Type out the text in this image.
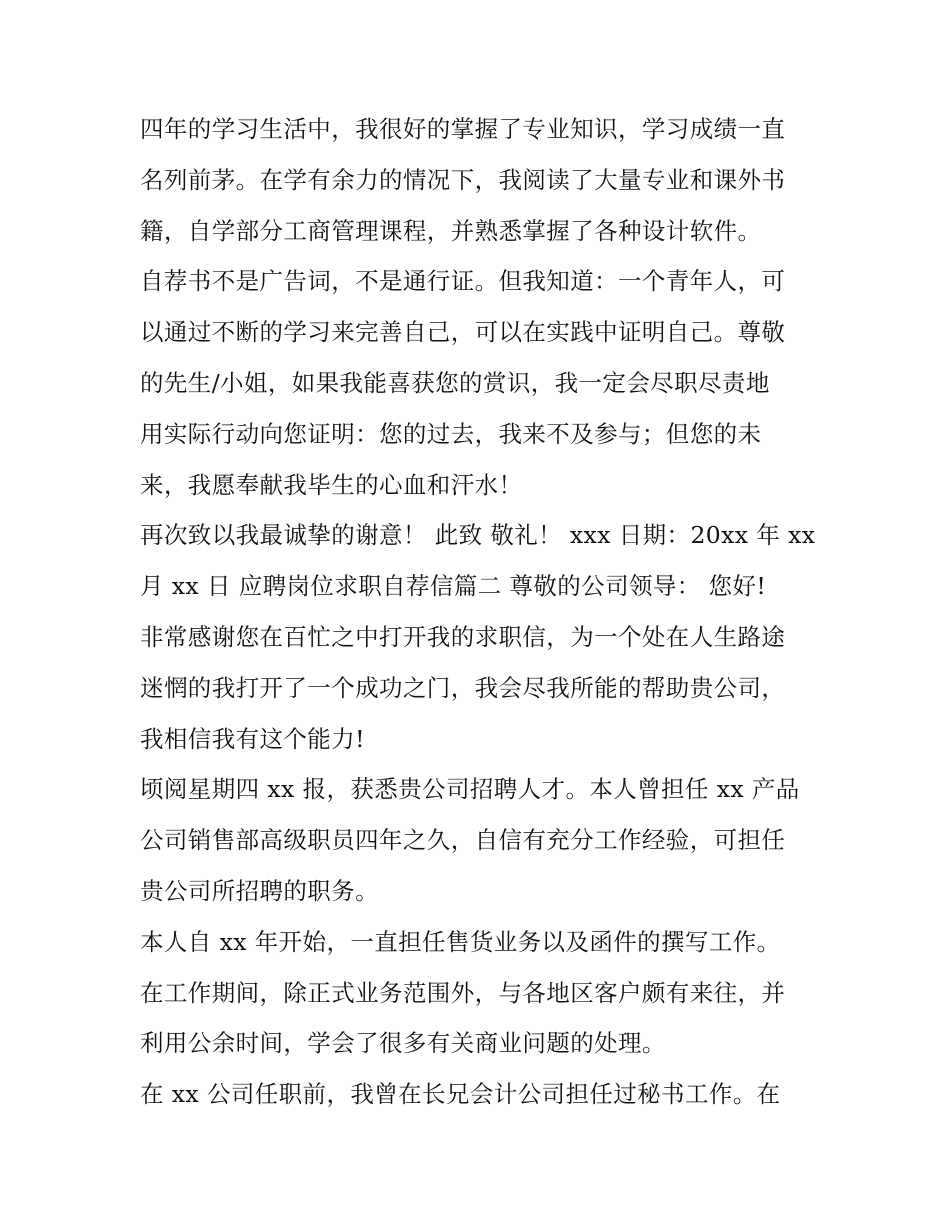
四年的学习生活中，我很好的掌握了专业知识，学习成绩一直
名列前茅。在学有余力的情况下，我阅读了大量专业和课外书
籍，自学部分工商管理课程，并熟悉掌握了各种设计软件。
自荐书不是广告词，不是通行证。但我知道：一个青年人，可
以通过不断的学习来完善自己，可以在实践中证明自己。尊敬
的先生/小姐，如果我能喜获您的赏识，我一定会尽职尽责地
用实际行动向您证明：您的过去，我来不及参与；但您的未
来，我愿奉献我毕生的心血和汗水！
再次致以我最诚挚的谢意！ 此致 敬礼！ xxx 日期：20xx 年 xx
月 xx 日 应聘岗位求职自荐信篇二 尊敬的公司领导： 您好!
非常感谢您在百忙之中打开我的求职信，为一个处在人生路途
迷惘的我打开了一个成功之门，我会尽我所能的帮助贵公司，
我相信我有这个能力!
顷阅星期四 xx 报，获悉贵公司招聘人才。本人曾担任 xx 产品
公司销售部高级职员四年之久，自信有充分工作经验，可担任
贵公司所招聘的职务。
本人自 xx 年开始，一直担任售货业务以及函件的撰写工作。
在工作期间，除正式业务范围外，与各地区客户颇有来往，并
利用公余时间，学会了很多有关商业问题的处理。
在 xx 公司任职前，我曾在长兄会计公司担任过秘书工作。在
